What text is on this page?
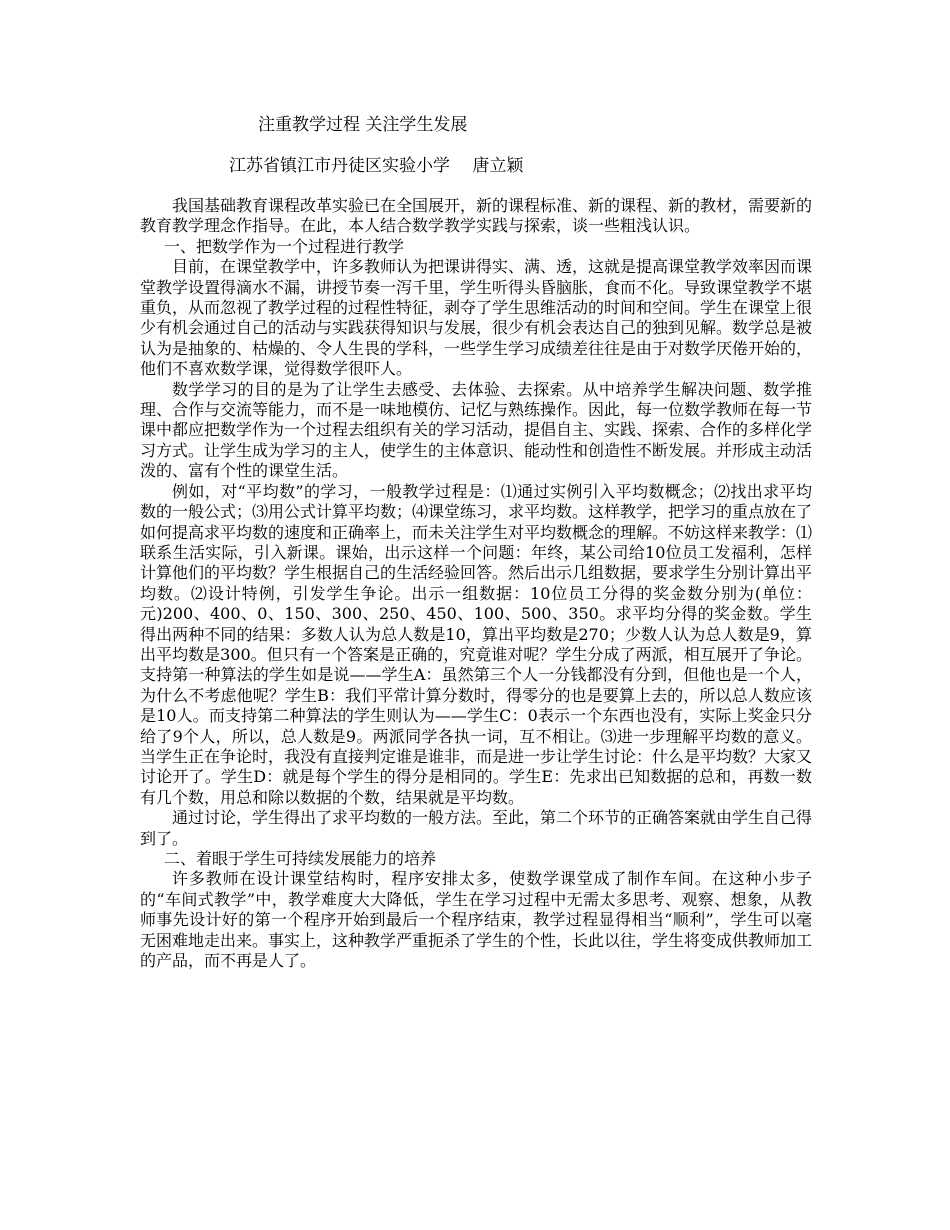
注重教学过程 关注学生发展
江苏省镇江市丹徒区实验小学　 唐立颖

我国基础教育课程改革实验已在全国展开，新的课程标准、新的课程、新的教材，需要新的教育教学理念作指导。在此，本人结合数学教学实践与探索，谈一些粗浅认识。

一、把数学作为一个过程进行教学

目前，在课堂教学中，许多教师认为把课讲得实、满、透，这就是提高课堂教学效率因而课堂教学设置得滴水不漏，讲授节奏一泻千里，学生听得头昏脑胀，食而不化。导致课堂教学不堪重负，从而忽视了教学过程的过程性特征，剥夺了学生思维活动的时间和空间。学生在课堂上很少有机会通过自己的活动与实践获得知识与发展，很少有机会表达自己的独到见解。数学总是被认为是抽象的、枯燥的、令人生畏的学科，一些学生学习成绩差往往是由于对数学厌倦开始的，他们不喜欢数学课，觉得数学很吓人。

数学学习的目的是为了让学生去感受、去体验、去探索。从中培养学生解决问题、数学推理、合作与交流等能力，而不是一味地模仿、记忆与熟练操作。因此，每一位数学教师在每一节课中都应把数学作为一个过程去组织有关的学习活动，提倡自主、实践、探索、合作的多样化学习方式。让学生成为学习的主人，使学生的主体意识、能动性和创造性不断发展。并形成主动活泼的、富有个性的课堂生活。

例如，对“平均数”的学习，一般教学过程是：⑴通过实例引入平均数概念；⑵找出求平均数的一般公式；⑶用公式计算平均数；⑷课堂练习，求平均数。这样教学，把学习的重点放在了如何提高求平均数的速度和正确率上，而未关注学生对平均数概念的理解。不妨这样来教学：⑴联系生活实际，引入新课。课始，出示这样一个问题：年终，某公司给10位员工发福利，怎样计算他们的平均数？学生根据自己的生活经验回答。然后出示几组数据，要求学生分别计算出平均数。⑵设计特例，引发学生争论。出示一组数据：10位员工分得的奖金数分别为(单位：元)200、400、0、150、300、250、450、100、500、350。求平均分得的奖金数。学生得出两种不同的结果：多数人认为总人数是10，算出平均数是270；少数人认为总人数是9，算出平均数是300。但只有一个答案是正确的，究竟谁对呢？学生分成了两派，相互展开了争论。支持第一种算法的学生如是说——学生A：虽然第三个人一分钱都没有分到，但他也是一个人，为什么不考虑他呢？学生B：我们平常计算分数时，得零分的也是要算上去的，所以总人数应该是10人。而支持第二种算法的学生则认为——学生C：0表示一个东西也没有，实际上奖金只分给了9个人，所以，总人数是9。两派同学各执一词，互不相让。⑶进一步理解平均数的意义。当学生正在争论时，我没有直接判定谁是谁非，而是进一步让学生讨论：什么是平均数？大家又讨论开了。学生D：就是每个学生的得分是相同的。学生E：先求出已知数据的总和，再数一数有几个数，用总和除以数据的个数，结果就是平均数。

通过讨论，学生得出了求平均数的一般方法。至此，第二个环节的正确答案就由学生自己得到了。

二、着眼于学生可持续发展能力的培养

许多教师在设计课堂结构时，程序安排太多，使数学课堂成了制作车间。在这种小步子的“车间式教学”中，教学难度大大降低，学生在学习过程中无需太多思考、观察、想象，从教师事先设计好的第一个程序开始到最后一个程序结束，教学过程显得相当“顺利”，学生可以毫无困难地走出来。事实上，这种教学严重扼杀了学生的个性，长此以往，学生将变成供教师加工的产品，而不再是人了。
